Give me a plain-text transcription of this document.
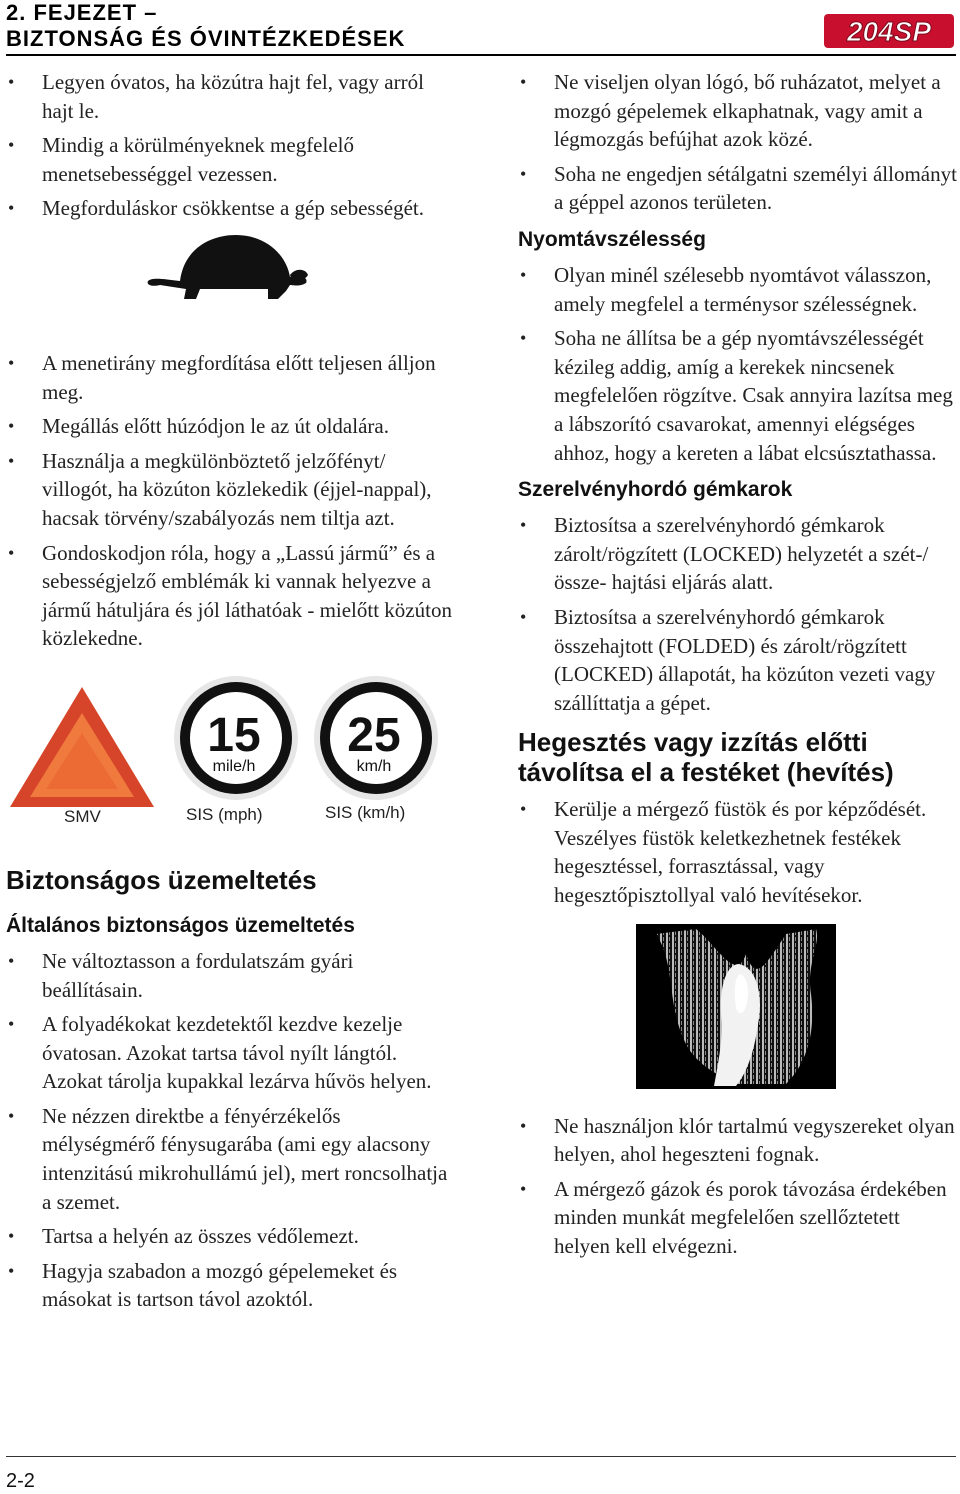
2. FEJEZET –
BIZTONSÁG ÉS ÓVINTÉZKEDÉSEK	204SP
• Legyen óvatos, ha közútra hajt fel, vagy arról hajt le.
• Mindig a körülményeknek megfelelő menetsebességgel vezessen.
• Megforduláskor csökkentse a gép sebességét.
• A menetirány megfordítása előtt teljesen álljon meg.
• Megállás előtt húzódjon le az út oldalára.
• Használja a megkülönböztető jelzőfényt/ villogót, ha közúton közlekedik (éjjel-nappal), hacsak törvény/szabályozás nem tiltja azt.
• Gondoskodjon róla, hogy a „Lassú jármű” és a sebességjelző emblémák ki vannak helyezve a jármű hátuljára és jól láthatóak - mielőtt közúton közlekedne.
15
mile/h
25
km/h
SMV	SIS (mph)	SIS (km/h)
Biztonságos üzemeltetés
Általános biztonságos üzemeltetés
• Ne változtasson a fordulatszám gyári beállításain.
• A folyadékokat kezdetektől kezdve kezelje óvatosan. Azokat tartsa távol nyílt lángtól. Azokat tárolja kupakkal lezárva hűvös helyen.
• Ne nézzen direktbe a fényérzékelős mélységmérő fénysugarába (ami egy alacsony intenzitású mikrohullámú jel), mert roncsolhatja a szemet.
• Tartsa a helyén az összes védőlemezt.
• Hagyja szabadon a mozgó gépelemeket és másokat is tartson távol azoktól.
• Ne viseljen olyan lógó, bő ruházatot, melyet a mozgó gépelemek elkaphatnak, vagy amit a légmozgás befújhat azok közé.
• Soha ne engedjen sétálgatni személyi állományt a géppel azonos területen.
Nyomtávszélesség
• Olyan minél szélesebb nyomtávot válasszon, amely megfelel a terménysor szélességnek.
• Soha ne állítsa be a gép nyomtávszélességét kézileg addig, amíg a kerekek nincsenek megfelelően rögzítve. Csak annyira lazítsa meg a lábszorító csavarokat, amennyi elégséges ahhoz, hogy a kereten a lábat elcsúsztathassa.
Szerelvényhordó gémkarok
• Biztosítsa a szerelvényhordó gémkarok zárolt/rögzített (LOCKED) helyzetét a szét-/össze- hajtási eljárás alatt.
• Biztosítsa a szerelvényhordó gémkarok összehajtott (FOLDED) és zárolt/rögzített (LOCKED) állapotát, ha közúton vezeti vagy szállíttatja a gépet.
Hegesztés vagy izzítás előtti távolítsa el a festéket (hevítés)
• Kerülje a mérgező füstök és por képződését. Veszélyes füstök keletkezhetnek festékek hegesztéssel, forrasztással, vagy hegesztőpisztollyal való hevítésekor.
• Ne használjon klór tartalmú vegyszereket olyan helyen, ahol hegeszteni fognak.
• A mérgező gázok és porok távozása érdekében minden munkát megfelelően szellőztetett helyen kell elvégezni.
2-2
